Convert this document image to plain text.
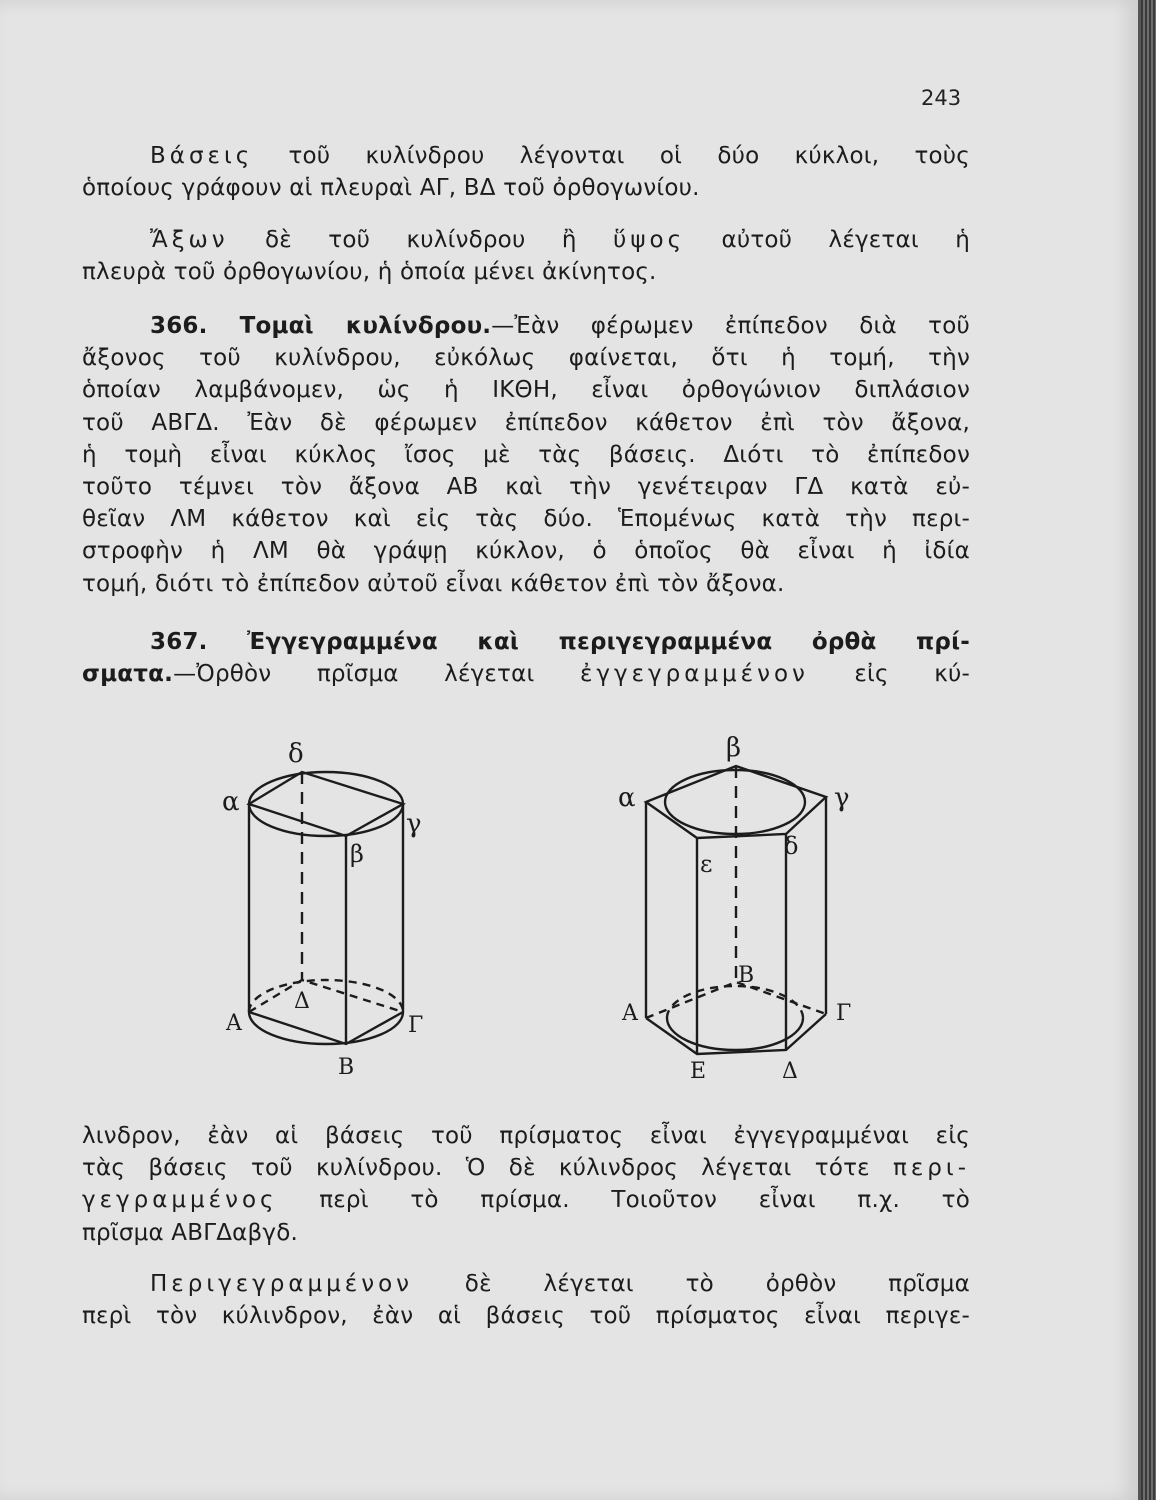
243
Βάσεις τοῦ κυλίνδρου λέγονται οἱ δύο κύκλοι, τοὺς
ὁποίους γράφουν αἱ πλευραὶ ΑΓ, ΒΔ τοῦ ὀρθογωνίου.
Ἄξων δὲ τοῦ κυλίνδρου ἢ ὕψος αὐτοῦ λέγεται ἡ
πλευρὰ τοῦ ὀρθογωνίου, ἡ ὁποία μένει ἀκίνητος.
366. Τομαὶ κυλίνδρου.—Ἐὰν φέρωμεν ἐπίπεδον διὰ τοῦ
ἄξονος τοῦ κυλίνδρου, εὐκόλως φαίνεται, ὅτι ἡ τομή, τὴν
ὁποίαν λαμβάνομεν, ὡς ἡ ΙΚΘΗ, εἶναι ὀρθογώνιον διπλάσιον
τοῦ ΑΒΓΔ. Ἐὰν δὲ φέρωμεν ἐπίπεδον κάθετον ἐπὶ τὸν ἄξονα,
ἡ τομὴ εἶναι κύκλος ἴσος μὲ τὰς βάσεις. Διότι τὸ ἐπίπεδον
τοῦτο τέμνει τὸν ἄξονα ΑΒ καὶ τὴν γενέτειραν ΓΔ κατὰ εὐ-
θεῖαν ΛΜ κάθετον καὶ εἰς τὰς δύο. Ἑπομένως κατὰ τὴν περι-
στροφὴν ἡ ΛΜ θὰ γράψῃ κύκλον, ὁ ὁποῖος θὰ εἶναι ἡ ἰδία
τομή, διότι τὸ ἐπίπεδον αὐτοῦ εἶναι κάθετον ἐπὶ τὸν ἄξονα.
367. Ἐγγεγραμμένα καὶ περιγεγραμμένα ὀρθὰ πρί-
σματα.—Ὀρθὸν πρῖσμα λέγεται ἐγγεγραμμένον εἰς κύ-
δ
α
γ
β
Δ
Α	Γ
Β
β
α	γ
δ
ε
Β
Α	Γ
Ε	Δ
λινδρον, ἐὰν αἱ βάσεις τοῦ πρίσματος εἶναι ἐγγεγραμμέναι εἰς
τὰς βάσεις τοῦ κυλίνδρου. Ὁ δὲ κύλινδρος λέγεται τότε περι-
γεγραμμένος περὶ τὸ πρίσμα. Τοιοῦτον εἶναι π.χ. τὸ
πρῖσμα ΑΒΓΔαβγδ.
Περιγεγραμμένον δὲ λέγεται τὸ ὀρθὸν πρῖσμα
περὶ τὸν κύλινδρον, ἐὰν αἱ βάσεις τοῦ πρίσματος εἶναι περιγε-
